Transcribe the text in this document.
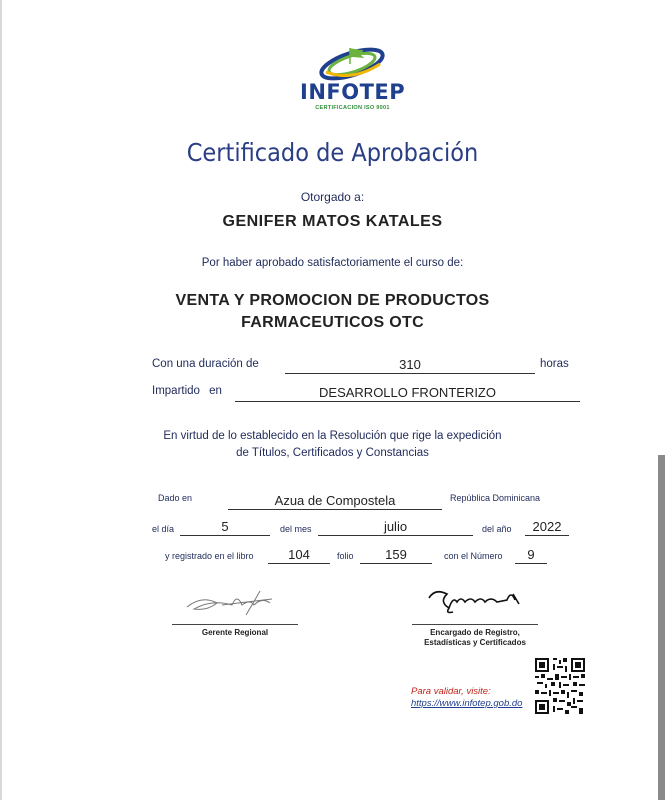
INFOTEP
CERTIFICACION ISO 9001
Certificado de Aprobación
Otorgado a:
GENIFER MATOS KATALES
Por haber aprobado satisfactoriamente el curso de:
VENTA Y PROMOCION DE PRODUCTOS
FARMACEUTICOS OTC
Con una duración de	310	horas
Impartido en	DESARROLLO FRONTERIZO
En virtud de lo establecido en la Resolución que rige la expedición
de Títulos, Certificados y Constancias
Dado en	Azua de Compostela	República Dominicana
el día	5	del mes	julio	del año	2022
y registrado en el libro	104	folio	159	con el Número	9
Gerente Regional	Encargado de Registro,
Estadísticas y Certificados
Para validar, visite:
https://www.infotep.gob.do
